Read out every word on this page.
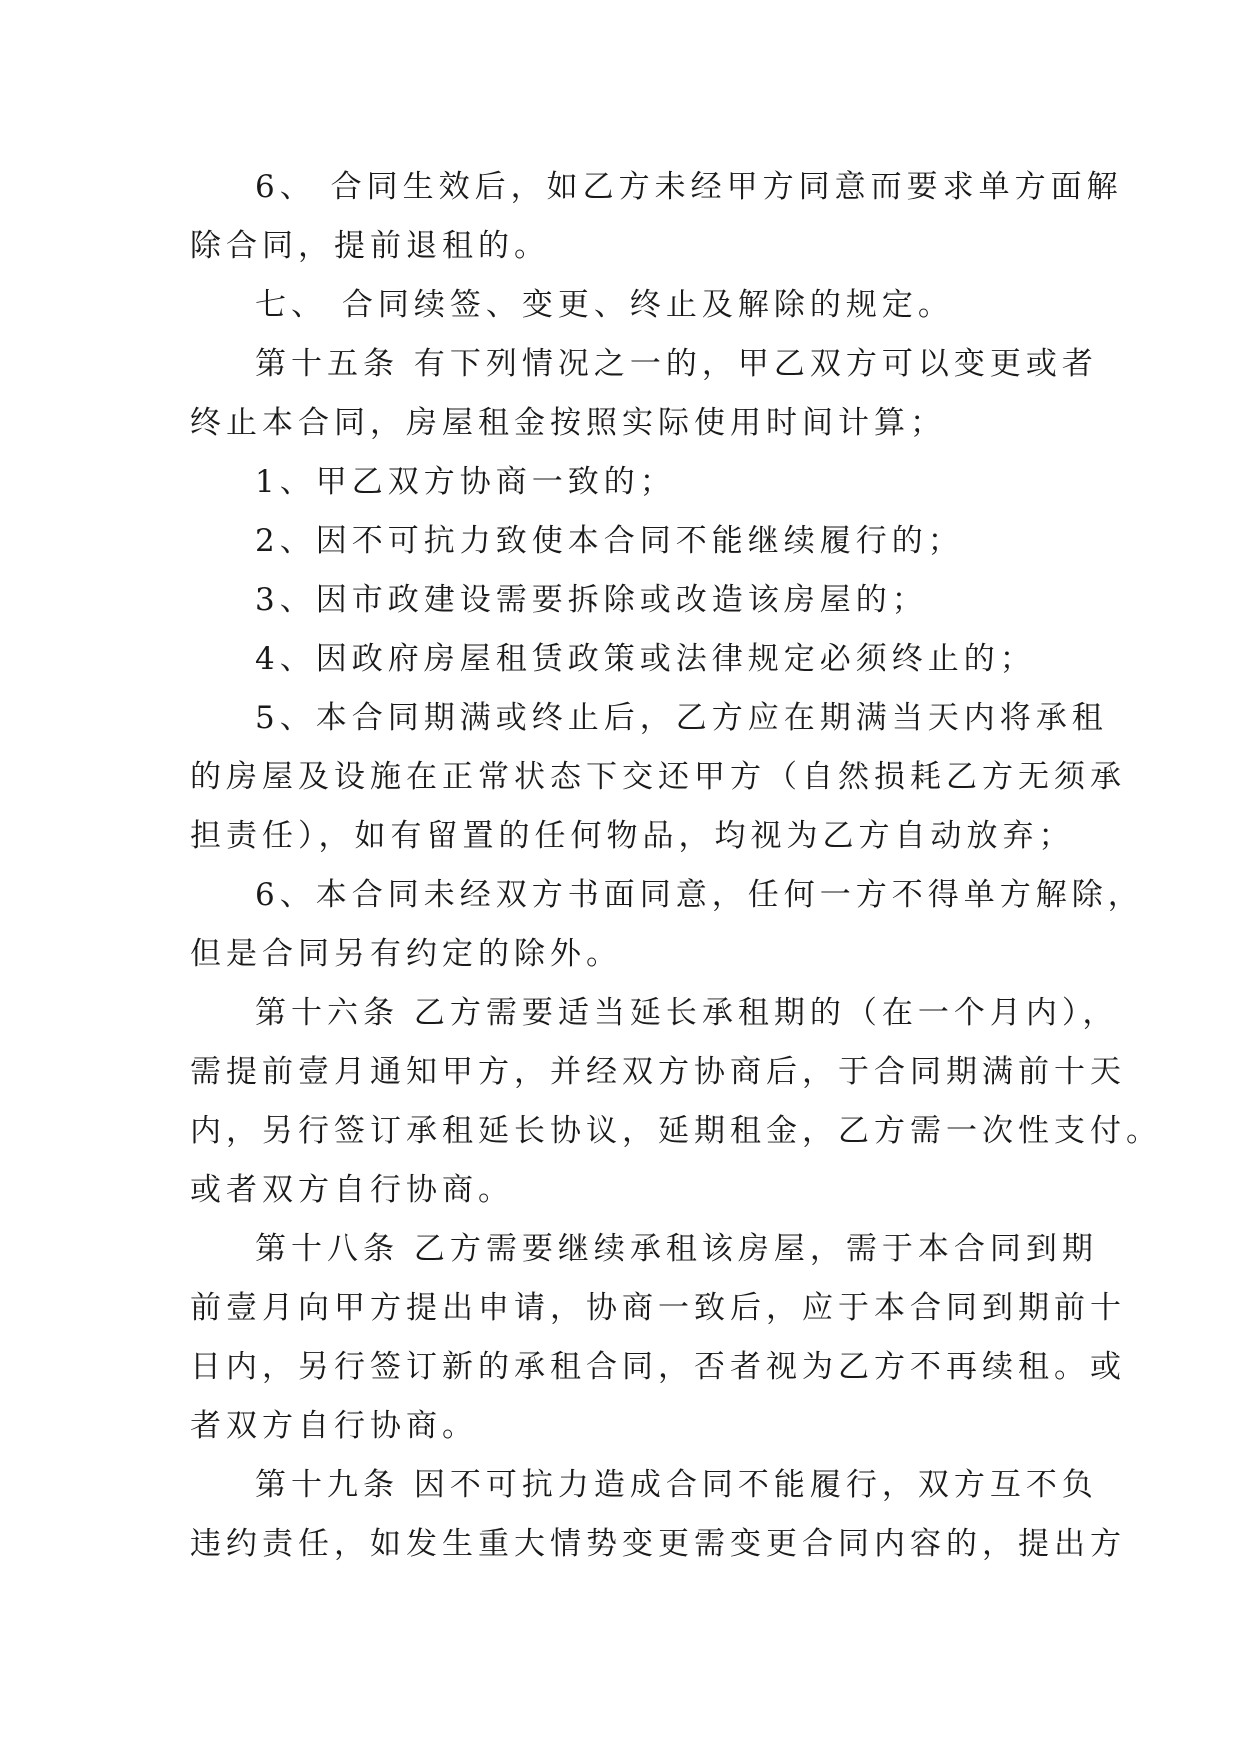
6、 合同生效后，如乙方未经甲方同意而要求单方面解
除合同，提前退租的。
七、 合同续签、变更、终止及解除的规定。
第十五条 有下列情况之一的，甲乙双方可以变更或者
终止本合同，房屋租金按照实际使用时间计算；
1、甲乙双方协商一致的；
2、因不可抗力致使本合同不能继续履行的；
3、因市政建设需要拆除或改造该房屋的；
4、因政府房屋租赁政策或法律规定必须终止的；
5、本合同期满或终止后，乙方应在期满当天内将承租
的房屋及设施在正常状态下交还甲方（自然损耗乙方无须承
担责任），如有留置的任何物品，均视为乙方自动放弃；
6、本合同未经双方书面同意，任何一方不得单方解除，
但是合同另有约定的除外。
第十六条 乙方需要适当延长承租期的（在一个月内），
需提前壹月通知甲方，并经双方协商后，于合同期满前十天
内，另行签订承租延长协议，延期租金，乙方需一次性支付。
或者双方自行协商。
第十八条 乙方需要继续承租该房屋，需于本合同到期
前壹月向甲方提出申请，协商一致后，应于本合同到期前十
日内，另行签订新的承租合同，否者视为乙方不再续租。或
者双方自行协商。
第十九条 因不可抗力造成合同不能履行，双方互不负
违约责任，如发生重大情势变更需变更合同内容的，提出方
